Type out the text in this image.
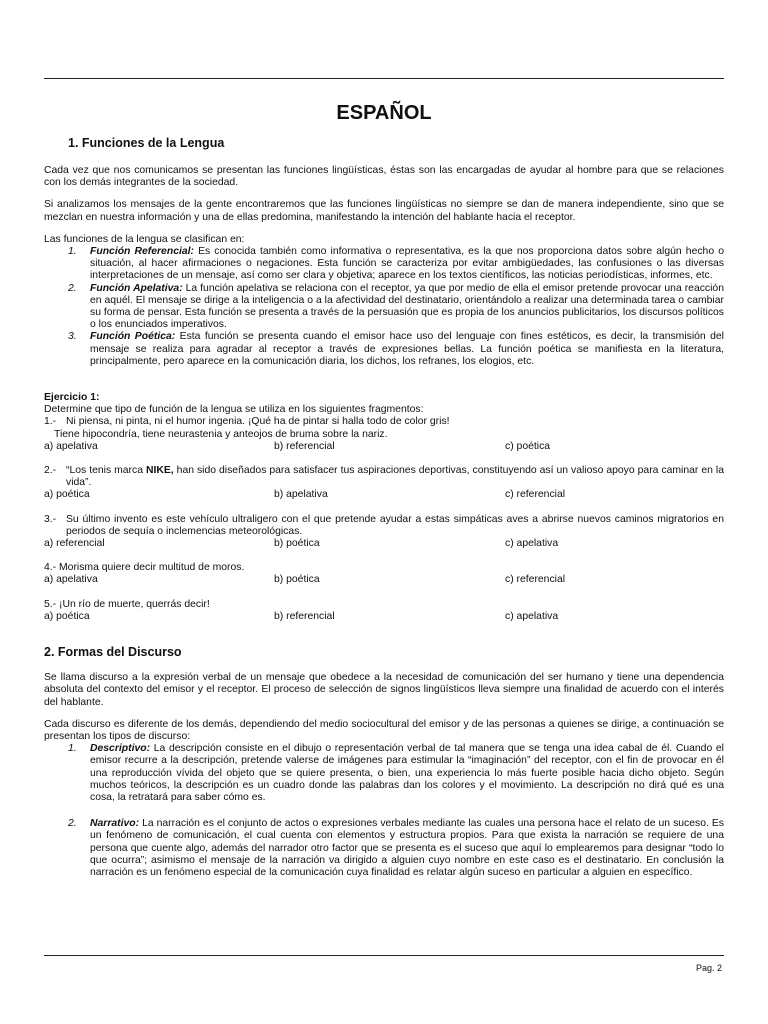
ESPAÑOL
1. Funciones de la Lengua

Cada vez que nos comunicamos se presentan las funciones lingüísticas, éstas son las encargadas de ayudar al hombre para que se relaciones con los demás integrantes de la sociedad.

Si analizamos los mensajes de la gente encontraremos que las funciones lingüísticas no siempre se dan de manera independiente, sino que se mezclan en nuestra información y una de ellas predomina, manifestando la intención del hablante hacia el receptor.

Las funciones de la lengua se clasifican en:

1. Función Referencial: Es conocida también como informativa o representativa, es la que nos proporciona datos sobre algún hecho o situación, al hacer afirmaciones o negaciones. Esta función se caracteriza por evitar ambigüedades, las confusiones o las diversas interpretaciones de un mensaje, así como ser clara y objetiva; aparece en los textos científicos, las noticias periodísticas, informes, etc.
2. Función Apelativa: La función apelativa se relaciona con el receptor, ya que por medio de ella el emisor pretende provocar una reacción en aquél. El mensaje se dirige a la inteligencia o a la afectividad del destinatario, orientándolo a realizar una determinada tarea o cambiar su forma de pensar. Esta función se presenta a través de la persuasión que es propia de los anuncios publicitarios, los discursos políticos o los enunciados imperativos.
3. Función Poética: Esta función se presenta cuando el emisor hace uso del lenguaje con fines estéticos, es decir, la transmisión del mensaje se realiza para agradar al receptor a través de expresiones bellas. La función poética se manifiesta en la literatura, principalmente, pero aparece en la comunicación diaria, los dichos, los refranes, los elogios, etc.

Ejercicio 1:

Determine que tipo de función de la lengua se utiliza en los siguientes fragmentos:

1.- Ni piensa, ni pinta, ni el humor ingenia. ¡Qué ha de pintar si halla todo de color gris!
Tiene hipocondría, tiene neurastenia y anteojos de bruma sobre la nariz.
a) apelativa	b) referencial	c) poética
2.- “Los tenis marca NIKE, han sido diseñados para satisfacer tus aspiraciones deportivas, constituyendo así un valioso apoyo para caminar en la vida”.
a) poética	b) apelativa	c) referencial
3.- Su último invento es este vehículo ultraligero con el que pretende ayudar a estas simpáticas aves a abrirse nuevos caminos migratorios en periodos de sequía o inclemencias meteorológicas.
a) referencial	b) poética	c) apelativa

4.- Morisma quiere decir multitud de moros.

a) apelativa	b) poética	c) referencial

5.- ¡Un río de muerte, querrás decir!

a) poética	b) referencial	c) apelativa
2. Formas del Discurso

Se llama discurso a la expresión verbal de un mensaje que obedece a la necesidad de comunicación del ser humano y tiene una dependencia absoluta del contexto del emisor y el receptor. El proceso de selección de signos lingüísticos lleva siempre una finalidad de acuerdo con el interés del hablante.

Cada discurso es diferente de los demás, dependiendo del medio sociocultural del emisor y de las personas a quienes se dirige, a continuación se presentan los tipos de discurso:

1. Descriptivo: La descripción consiste en el dibujo o representación verbal de tal manera que se tenga una idea cabal de él. Cuando el emisor recurre a la descripción, pretende valerse de imágenes para estimular la “imaginación” del receptor, con el fin de provocar en él una reproducción vívida del objeto que se quiere presenta, o bien, una experiencia lo más fuerte posible hacia dicho objeto. Según muchos teóricos, la descripción es un cuadro donde las palabras dan los colores y el movimiento. La descripción no dirá qué es una cosa, la retratará para saber cómo es.
2. Narrativo: La narración es el conjunto de actos o expresiones verbales mediante las cuales una persona hace el relato de un suceso. Es un fenómeno de comunicación, el cual cuenta con elementos y estructura propios. Para que exista la narración se requiere de una persona que cuente algo, además del narrador otro factor que se presenta es el suceso que aquí lo emplearemos para designar “todo lo que ocurra”; asimismo el mensaje de la narración va dirigido a alguien cuyo nombre en este caso es el destinatario. En conclusión la narración es un fenómeno especial de la comunicación cuya finalidad es relatar algún suceso en particular a alguien en específico.
Pag. 2
